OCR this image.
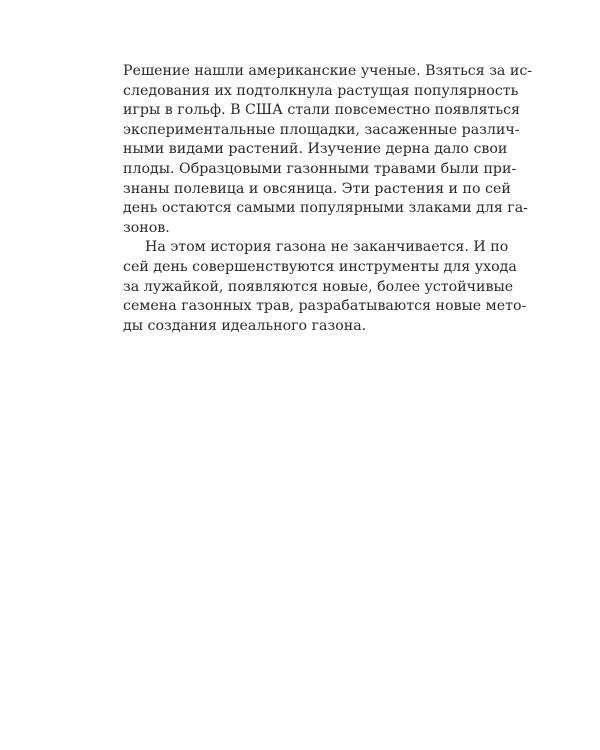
Решение нашли американские ученые. Взяться за ис-
следования их подтолкнула растущая популярность
игры в гольф. В США стали повсеместно появляться
экспериментальные площадки, засаженные различ-
ными видами растений. Изучение дерна дало свои
плоды. Образцовыми газонными травами были при-
знаны полевица и овсяница. Эти растения и по сей
день остаются самыми популярными злаками для га-
зонов.
На этом история газона не заканчивается. И по
сей день совершенствуются инструменты для ухода
за лужайкой, появляются новые, более устойчивые
семена газонных трав, разрабатываются новые мето-
ды создания идеального газона.
